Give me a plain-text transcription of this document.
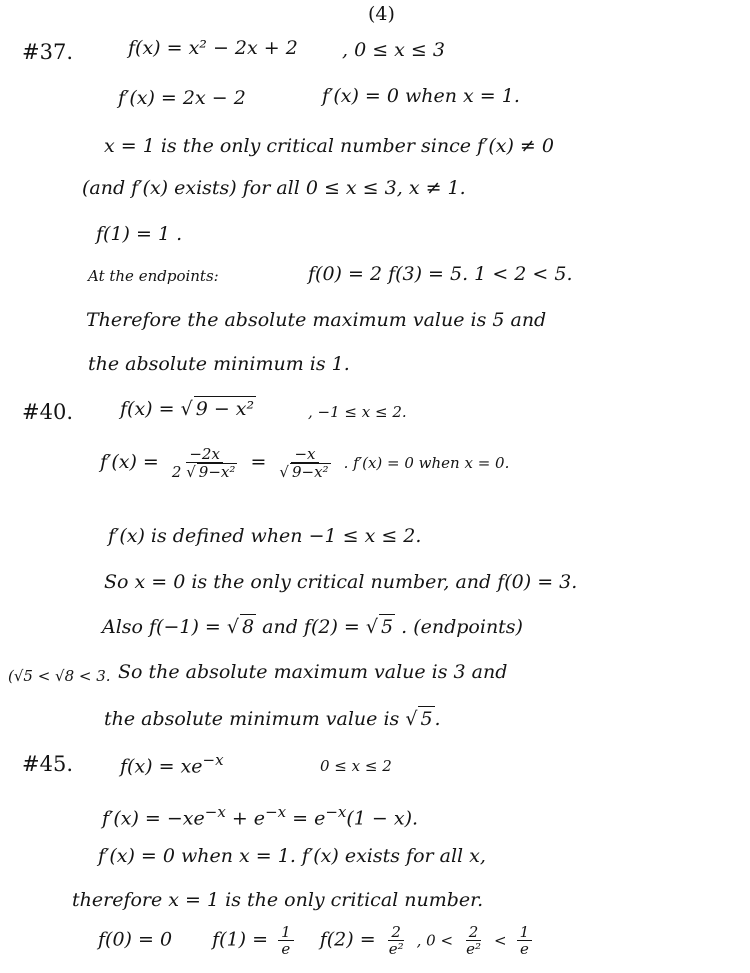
(4)
#37.	f(x) = x² − 2x + 2 , 0 ≤ x ≤ 3
f′(x) = 2x − 2	f′(x) = 0 when x = 1.
x = 1 is the only critical number since f′(x) ≠ 0
(and f′(x) exists) for all 0 ≤ x ≤ 3, x ≠ 1.
f(1) = 1 .
At the endpoints:	f(0) = 2 f(3) = 5. 1 < 2 < 5.
Therefore the absolute maximum value is 5 and
the absolute minimum is 1.
#40. f(x) = √ 9 − x²	, −1 ≤ x ≤ 2.
$f'(x) = \frac{-2x}{\text{2 √ 9−x²}} = \frac{-x}{\text{√ 9−x²}}$ . f′(x) = 0 when x = 0.
f′(x) is defined when −1 ≤ x ≤ 2.
So x = 0 is the only critical number, and f(0) = 3.
Also f(−1) = √ 8 and f(2) = √ 5 . (endpoints)
(√5 < √8 < 3. So the absolute maximum value is 3 and
the absolute minimum value is √ 5 .
#45. $f(x) = xe^{-x}$	0 ≤ x ≤ 2
$f'(x) = -xe^{-x} + e^{-x} = e^{-x}(1 - x)$.
f′(x) = 0 when x = 1. f′(x) exists for all x,
therefore x = 1 is the only critical number.
f(0) = 0 $f(1) = \frac{1}{e} f(2) = \frac{2}{\text{e²}}$ , $0 < \frac{2}{\text{e²}} < \frac{1}{e}$
